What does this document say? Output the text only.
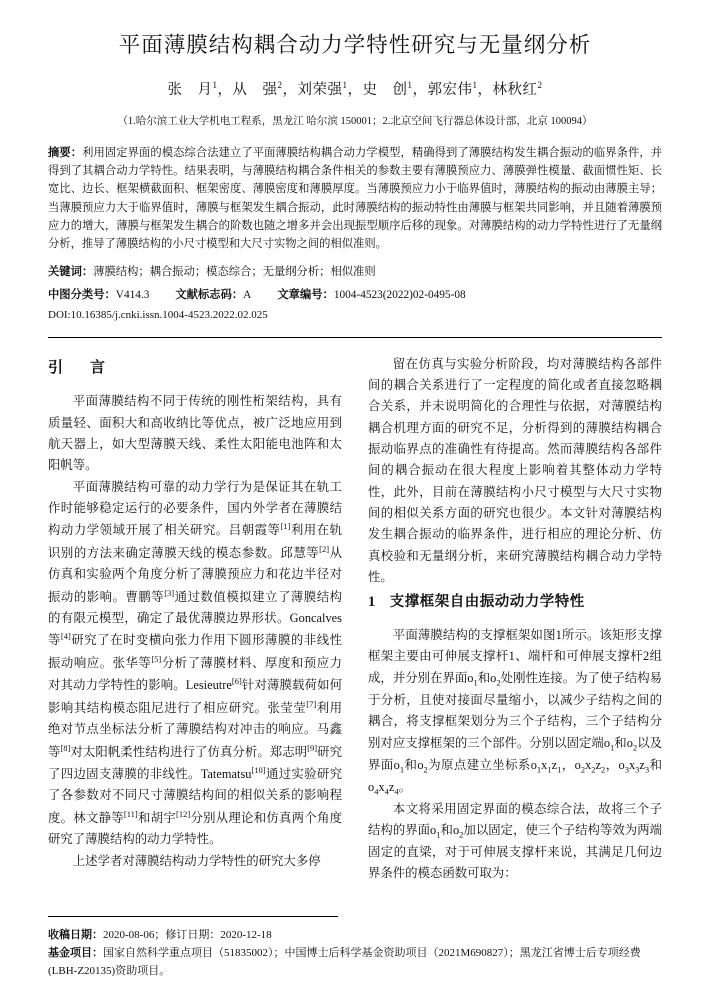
平面薄膜结构耦合动力学特性研究与无量纲分析
张　月$^1$，从　强$^2$，刘荣强$^1$，史　创$^1$，郭宏伟$^1$，林秋红$^2$
（1.哈尔滨工业大学机电工程系，黑龙江 哈尔滨 150001；2.北京空间飞行器总体设计部，北京 100094）
摘要：利用固定界面的模态综合法建立了平面薄膜结构耦合动力学模型，精确得到了薄膜结构发生耦合振动的临界条件，并得到了其耦合动力学特性。结果表明，与薄膜结构耦合条件相关的参数主要有薄膜预应力、薄膜弹性模量、截面惯性矩、长宽比、边长、框架横截面积、框架密度、薄膜密度和薄膜厚度。当薄膜预应力小于临界值时，薄膜结构的振动由薄膜主导；当薄膜预应力大于临界值时，薄膜与框架发生耦合振动，此时薄膜结构的振动特性由薄膜与框架共同影响，并且随着薄膜预应力的增大，薄膜与框架发生耦合的阶数也随之增多并会出现振型顺序后移的现象。对薄膜结构的动力学特性进行了无量纲分析，推导了薄膜结构的小尺寸模型和大尺寸实物之间的相似准则。
关键词：薄膜结构；耦合振动；模态综合；无量纲分析；相似准则
中图分类号：V414.3 文献标志码：A 文章编号：1004-4523(2022)02-0495-08
DOI:10.16385/j.cnki.issn.1004-4523.2022.02.025
引　言

平面薄膜结构不同于传统的刚性桁架结构，具有质量轻、面积大和高收纳比等优点，被广泛地应用到航天器上，如大型薄膜天线、柔性太阳能电池阵和太阳帆等。

平面薄膜结构可靠的动力学行为是保证其在轨工作时能够稳定运行的必要条件，国内外学者在薄膜结构动力学领域开展了相关研究。吕朝霞等[1]利用在轨识别的方法来确定薄膜天线的模态参数。邱慧等[2]从仿真和实验两个角度分析了薄膜预应力和花边半径对振动的影响。曹鹏等[3]通过数值模拟建立了薄膜结构的有限元模型，确定了最优薄膜边界形状。Goncalves等[4]研究了在时变横向张力作用下圆形薄膜的非线性振动响应。张华等[5]分析了薄膜材料、厚度和预应力对其动力学特性的影响。Lesieutre[6]针对薄膜载荷如何影响其结构模态阻尼进行了相应研究。张莹莹[7]利用绝对节点坐标法分析了薄膜结构对冲击的响应。马鑫等[8]对太阳帆柔性结构进行了仿真分析。郑志明[9]研究了四边固支薄膜的非线性。Tatematsu[10]通过实验研究了各参数对不同尺寸薄膜结构间的相似关系的影响程度。林文静等[11]和胡宇[12]分别从理论和仿真两个角度研究了薄膜结构的动力学特性。

上述学者对薄膜结构动力学特性的研究大多停

留在仿真与实验分析阶段，均对薄膜结构各部件间的耦合关系进行了一定程度的简化或者直接忽略耦合关系，并未说明简化的合理性与依据，对薄膜结构耦合机理方面的研究不足，分析得到的薄膜结构耦合振动临界点的准确性有待提高。然而薄膜结构各部件间的耦合振动在很大程度上影响着其整体动力学特性，此外，目前在薄膜结构小尺寸模型与大尺寸实物间的相似关系方面的研究也很少。本文针对薄膜结构发生耦合振动的临界条件，进行相应的理论分析、仿真校验和无量纲分析，来研究薄膜结构耦合动力学特性。

1 支撑框架自由振动动力学特性

平面薄膜结构的支撑框架如图1所示。该矩形支撑框架主要由可伸展支撑杆1、端杆和可伸展支撑杆2组成，并分别在界面$o_1$和$o_2$处刚性连接。为了使子结构易于分析，且使对接面尽量缩小，以减少子结构之间的耦合，将支撑框架划分为三个子结构，三个子结构分别对应支撑框架的三个部件。分别以固定端$o_1$和$o_2$以及界面$o_1$和$o_2$为原点建立坐标系$o_1x_1z_1$，$o_2x_2z_2$，$o_3x_3z_3$和$o_4x_4z_4$。

本文将采用固定界面的模态综合法，故将三个子结构的界面$o_1$和$o_2$加以固定，使三个子结构等效为两端固定的直梁，对于可伸展支撑杆来说，其满足几何边界条件的模态函数可取为：

收稿日期：2020-08-06；修订日期：2020-12-18
基金项目：国家自然科学重点项目（51835002）；中国博士后科学基金资助项目（2021M690827）；黑龙江省博士后专项经费(LBH-Z20135)资助项目。
